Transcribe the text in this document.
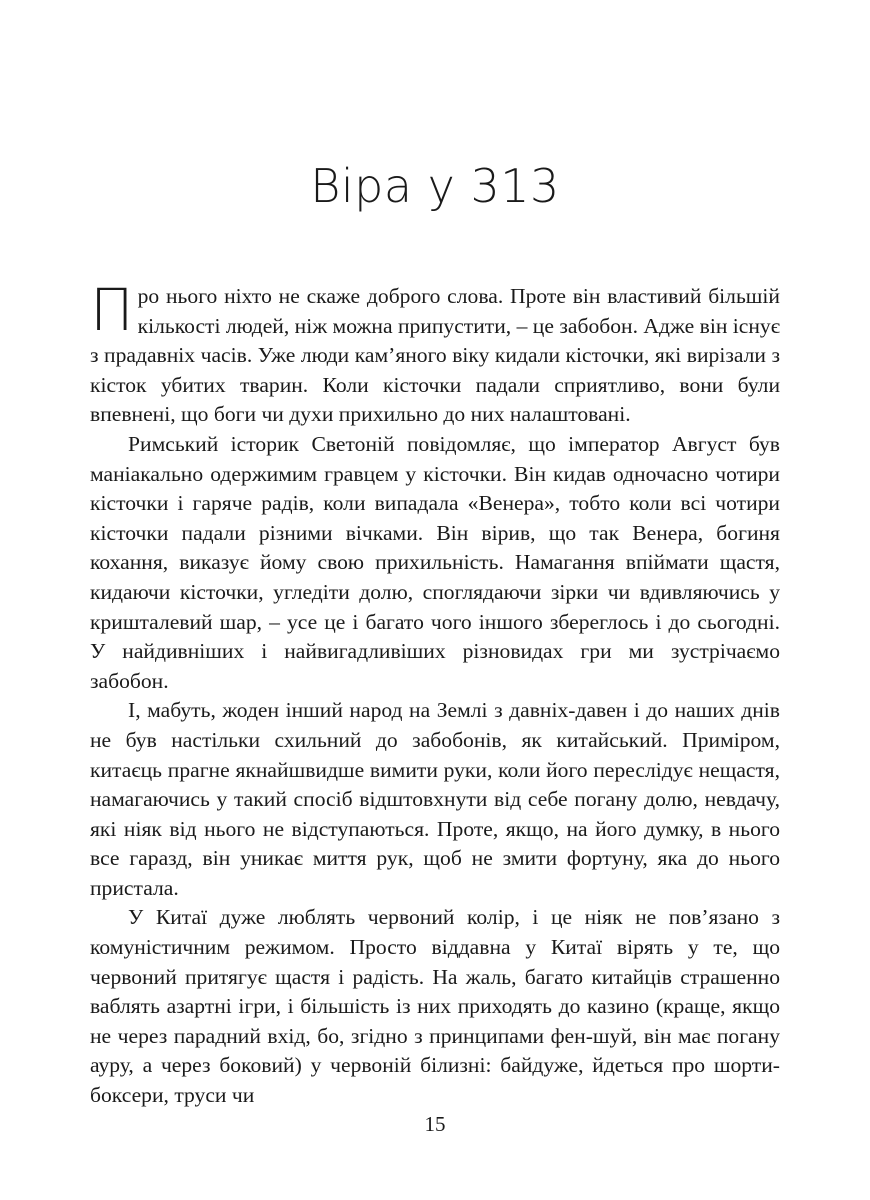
Віра у 313

Про нього ніхто не скаже доброго слова. Проте він властивий більшій кількості людей, ніж можна припустити, – це забобон. Адже він існує з прадавніх часів. Уже люди кам’яного віку кидали кісточки, які вирізали з кісток убитих тварин. Коли кісточки падали сприятливо, вони були впевнені, що боги чи духи прихильно до них налаштовані.

Римський історик Светоній повідомляє, що імператор Август був маніакально одержимим гравцем у кісточки. Він кидав одночасно чотири кісточки і гаряче радів, коли випадала «Венера», тобто коли всі чотири кісточки падали різними вічками. Він вірив, що так Венера, богиня кохання, виказує йому свою прихильність. Намагання впіймати щастя, кидаючи кісточки, угледіти долю, споглядаючи зірки чи вдивляючись у кришталевий шар, – усе це і багато чого іншого збереглось і до сьогодні. У найдивніших і найвигадливіших різновидах гри ми зустрічаємо забобон.

І, мабуть, жоден інший народ на Землі з давніх-давен і до наших днів не був настільки схильний до забобонів, як китайський. Приміром, китаєць прагне якнайшвидше вимити руки, коли його переслідує нещастя, намагаючись у такий спосіб відштовхнути від себе погану долю, невдачу, які ніяк від нього не відступаються. Проте, якщо, на його думку, в нього все гаразд, він уникає миття рук, щоб не змити фортуну, яка до нього пристала.

У Китаї дуже люблять червоний колір, і це ніяк не пов’язано з комуністичним режимом. Просто віддавна у Китаї вірять у те, що червоний притягує щастя і радість. На жаль, багато китайців страшенно ваблять азартні ігри, і більшість із них приходять до казино (краще, якщо не через парадний вхід, бо, згідно з принципами фен-шуй, він має погану ауру, а через боковий) у червоній білизні: байдуже, йдеться про шорти-боксери, труси чи

15
